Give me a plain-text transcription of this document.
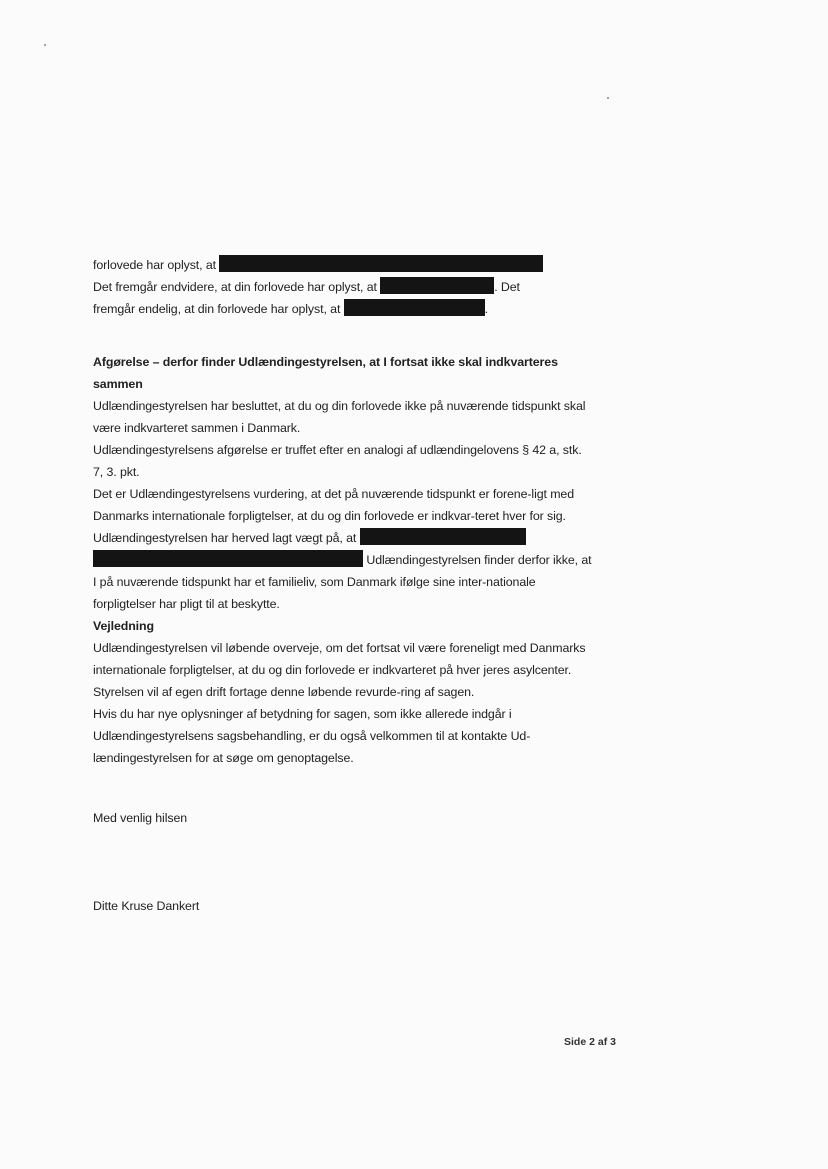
forlovede har oplyst, at

Det fremgår endvidere, at din forlovede har oplyst, at	. Det

fremgår endelig, at din forlovede har oplyst, at	.

Afgørelse – derfor finder Udlændingestyrelsen, at I fortsat ikke skal indkvarteres sammen

Udlændingestyrelsen har besluttet, at du og din forlovede ikke på nuværende tidspunkt skal være indkvarteret sammen i Danmark.

Udlændingestyrelsens afgørelse er truffet efter en analogi af udlændingelovens § 42 a, stk. 7, 3. pkt.

Det er Udlændingestyrelsens vurdering, at det på nuværende tidspunkt er forene-ligt med Danmarks internationale forpligtelser, at du og din forlovede er indkvar-teret hver for sig.

Udlændingestyrelsen har herved lagt vægt på, at   Udlændingestyrelsen finder derfor ikke, at I på nuværende tidspunkt har et familieliv, som Danmark ifølge sine inter-nationale forpligtelser har pligt til at beskytte.

Vejledning

Udlændingestyrelsen vil løbende overveje, om det fortsat vil være foreneligt med Danmarks internationale forpligtelser, at du og din forlovede er indkvarteret på hver jeres asylcenter. Styrelsen vil af egen drift fortage denne løbende revurde-ring af sagen.

Hvis du har nye oplysninger af betydning for sagen, som ikke allerede indgår i Udlændingestyrelsens sagsbehandling, er du også velkommen til at kontakte Ud-lændingestyrelsen for at søge om genoptagelse.

Med venlig hilsen

Ditte Kruse Dankert

Side 2 af 3
